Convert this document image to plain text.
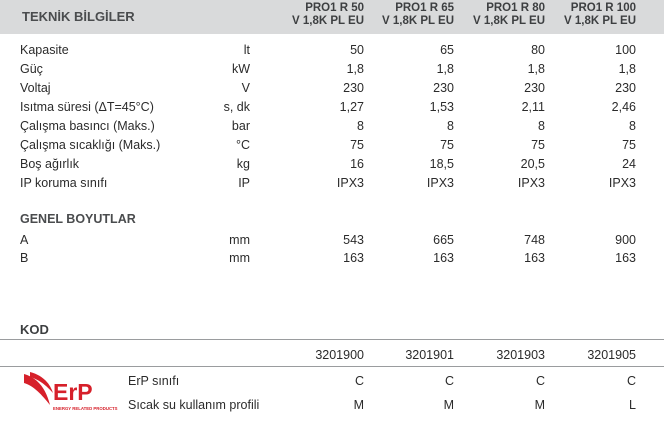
TEKNİK BİLGİLER
PRO1 R 50
V 1,8K PL EU
PRO1 R 65
V 1,8K PL EU
PRO1 R 80
V 1,8K PL EU
PRO1 R 100
V 1,8K PL EU
Kapasite	lt	50	65	80	100
Güç	kW	1,8	1,8	1,8	1,8
Voltaj	V	230	230	230	230
Isıtma süresi (ΔT=45°C)	s, dk	1,27	1,53	2,11	2,46
Çalışma basıncı (Maks.)	bar	8	8	8	8
Çalışma sıcaklığı (Maks.)	°C	75	75	75	75
Boş ağırlık	kg	16	18,5	20,5	24
IP koruma sınıfı	IP	IPX3	IPX3	IPX3	IPX3
GENEL BOYUTLAR
A	mm	543	665	748	900
B	mm	163	163	163	163
KOD
3201900	3201901	3201903	3201905
ErP
ENERGY RELATED PRODUCTS
ErP sınıfı	C	C	C	C
Sıcak su kullanım profili	M	M	M	L
